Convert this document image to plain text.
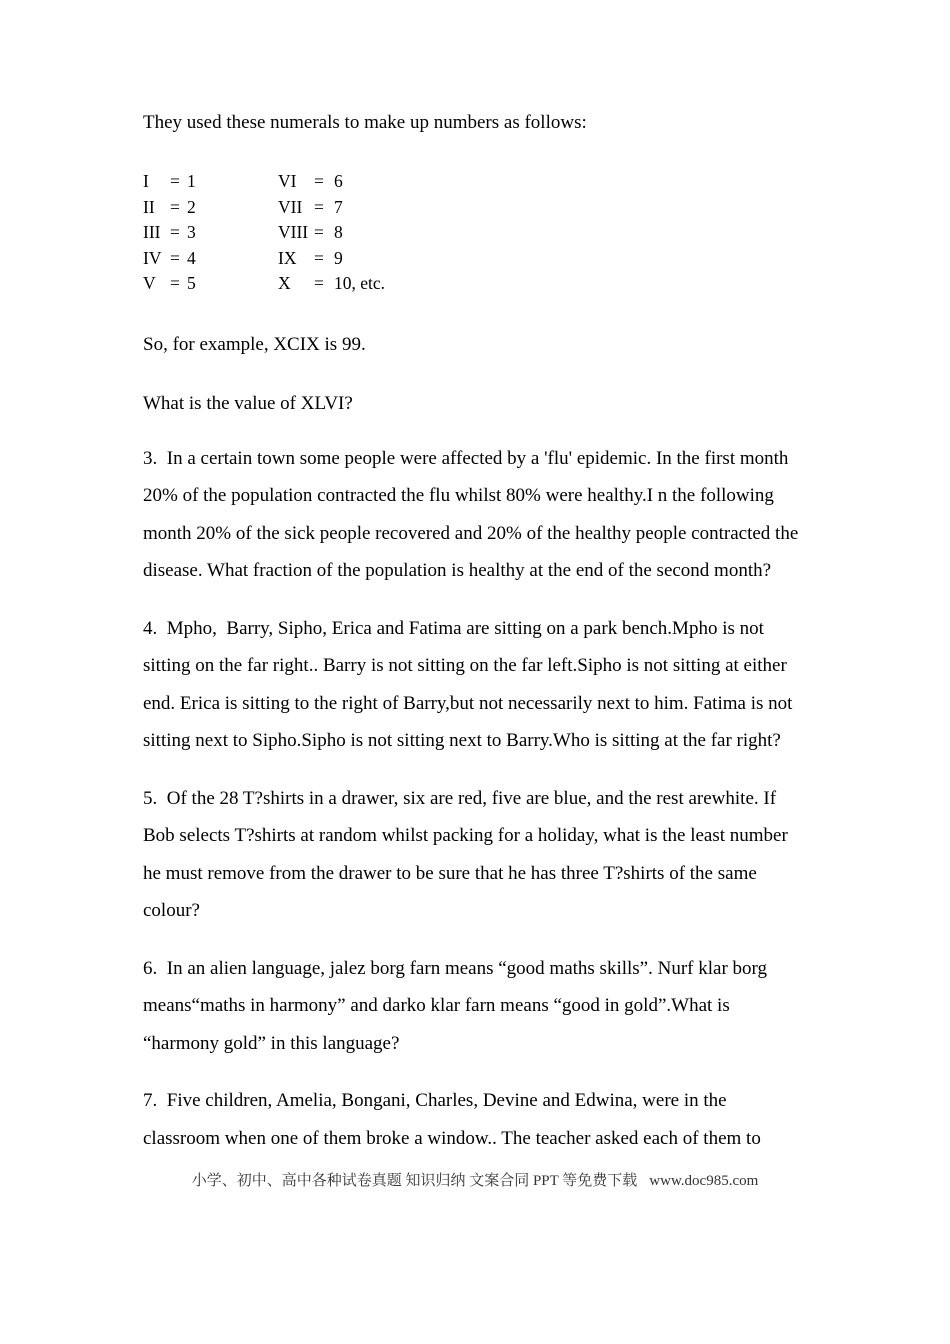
They used these numerals to make up numbers as follows:

I = 1
II = 2
III = 3
IV = 4
V = 5
VI = 6
VII = 7
VIII = 8
IX = 9
X = 10, etc.

So, for example, XCIX is 99.

What is the value of XLVI?

3.  In a certain town some people were affected by a 'flu' epidemic. In the first month 20% of the population contracted the flu whilst 80% were healthy.I n the following month 20% of the sick people recovered and 20% of the healthy people contracted the disease. What fraction of the population is healthy at the end of the second month?

4.  Mpho,  Barry, Sipho, Erica and Fatima are sitting on a park bench.Mpho is not sitting on the far right.. Barry is not sitting on the far left.Sipho is not sitting at either end. Erica is sitting to the right of Barry,but not necessarily next to him. Fatima is not sitting next to Sipho.Sipho is not sitting next to Barry.Who is sitting at the far right?

5.  Of the 28 T?shirts in a drawer, six are red, five are blue, and the rest arewhite. If Bob selects T?shirts at random whilst packing for a holiday, what is the least number he must remove from the drawer to be sure that he has three T?shirts of the same colour?

6.  In an alien language, jalez borg farn means “good maths skills”. Nurf klar borg means“maths in harmony” and darko klar farn means “good in gold”.What is “harmony gold” in this language?

7.  Five children, Amelia, Bongani, Charles, Devine and Edwina, were in the classroom when one of them broke a window.. The teacher asked each of them to

小学、初中、高中各种试卷真题 知识归纳 文案合同 PPT 等免费下载 www.doc985.com
